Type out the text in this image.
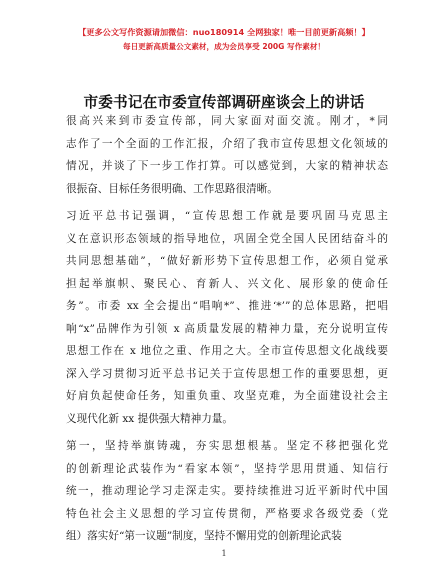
【更多公文写作资源请加微信：nuo180914 全网独家！唯一目前更新高频！】
每日更新高质量公文素材，成为会员享受 200G 写作素材！
市委书记在市委宣传部调研座谈会上的讲话
很高兴来到市委宣传部，同大家面对面交流。刚才，*同
志作了一个全面的工作汇报，介绍了我市宣传思想文化领域的
情况，并谈了下一步工作打算。可以感觉到，大家的精神状态
很振奋、目标任务很明确、工作思路很清晰。
习近平总书记强调，“宣传思想工作就是要巩固马克思主
义在意识形态领域的指导地位，巩固全党全国人民团结奋斗的
共同思想基础”，“做好新形势下宣传思想工作，必须自觉承
担起举旗帜、聚民心、育新人、兴文化、展形象的使命任
务”。市委 xx 全会提出“唱响*”、推进‘*’”的总体思路，把唱
响“x”品牌作为引领 x 高质量发展的精神力量，充分说明宣传
思想工作在 x 地位之重、作用之大。全市宣传思想文化战线要
深入学习贯彻习近平总书记关于宣传思想工作的重要思想，更
好肩负起使命任务，知重负重、攻坚克难，为全面建设社会主
义现代化新 xx 提供强大精神力量。
第一，坚持举旗铸魂，夯实思想根基。坚定不移把强化党
的创新理论武装作为“看家本领”，坚持学思用贯通、知信行
统一，推动理论学习走深走实。要持续推进习近平新时代中国
特色社会主义思想的学习宣传贯彻，严格要求各级党委（党
组）落实好“第一议题”制度，坚持不懈用党的创新理论武装
1
